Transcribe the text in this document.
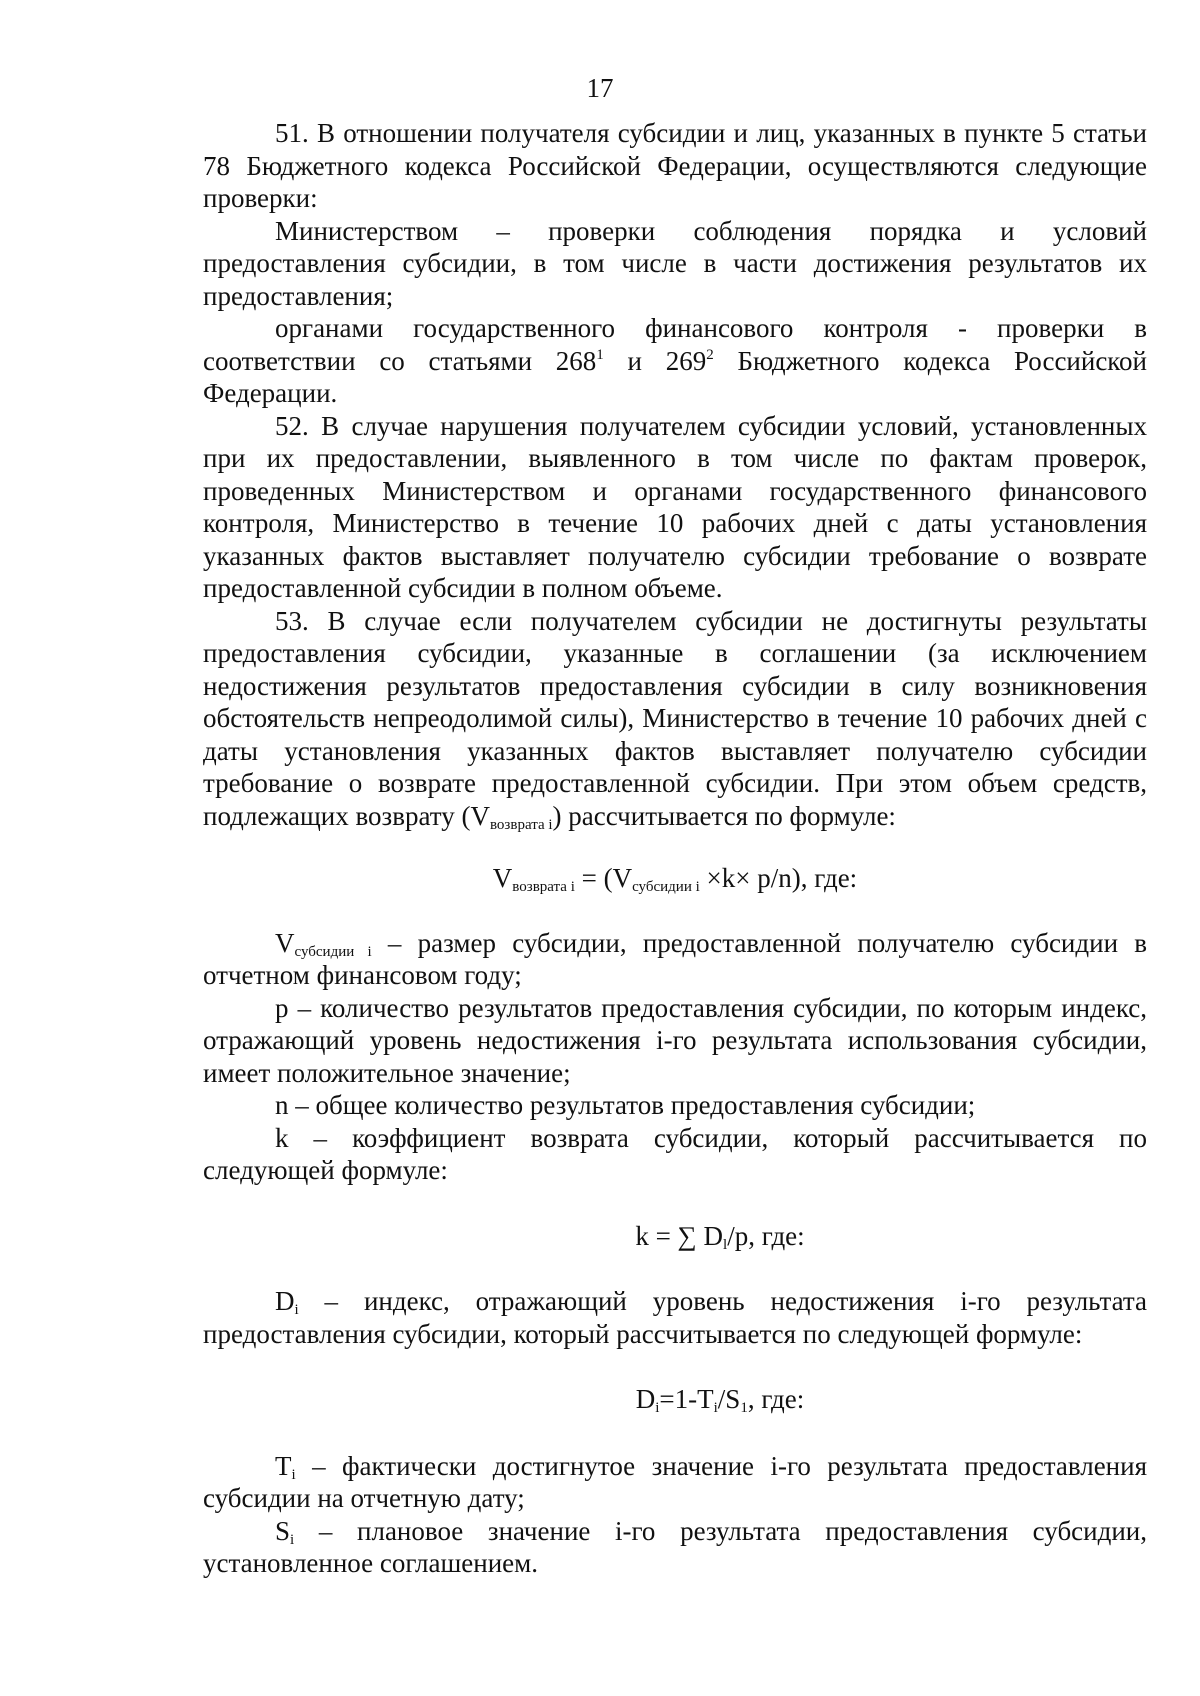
17

51. В отношении получателя субсидии и лиц, указанных в пункте 5 статьи 78 Бюджетного кодекса Российской Федерации, осуществляются следующие проверки:

Министерством – проверки соблюдения порядка и условий предоставления субсидии, в том числе в части достижения результатов их предоставления;

органами государственного финансового контроля - проверки в соответствии со статьями $268^1$ и $269^2$ Бюджетного кодекса Российской Федерации.

52. В случае нарушения получателем субсидии условий, установленных при их предоставлении, выявленного в том числе по фактам проверок, проведенных Министерством и органами государственного финансового контроля, Министерство в течение 10 рабочих дней с даты установления указанных фактов выставляет получателю субсидии требование о возврате предоставленной субсидии в полном объеме.

53. В случае если получателем субсидии не достигнуты результаты предоставления субсидии, указанные в соглашении (за исключением недостижения результатов предоставления субсидии в силу возникновения обстоятельств непреодолимой силы), Министерство в течение 10 рабочих дней с даты установления указанных фактов выставляет получателю субсидии требование о возврате предоставленной субсидии. При этом объем средств, подлежащих возврату $(V_{возврата i})$ рассчитывается по формуле:

$V_{возврата i} = (V_{субсидии i} \times k\times p/n)$, где:

$V_{субсидии i}$ – размер субсидии, предоставленной получателю субсидии в отчетном финансовом году;

p – количество результатов предоставления субсидии, по которым индекс, отражающий уровень недостижения i-го результата использования субсидии, имеет положительное значение;

n – общее количество результатов предоставления субсидии;

k – коэффициент возврата субсидии, который рассчитывается по следующей формуле:

k = ∑ $D_l/p$, где:

$D_i$ – индекс, отражающий уровень недостижения i-го результата предоставления субсидии, который рассчитывается по следующей формуле:

$D_i=1-T_i/S_1$, где:

$T_i$ – фактически достигнутое значение i-го результата предоставления субсидии на отчетную дату;

$S_i$ – плановое значение i-го результата предоставления субсидии, установленное соглашением.
